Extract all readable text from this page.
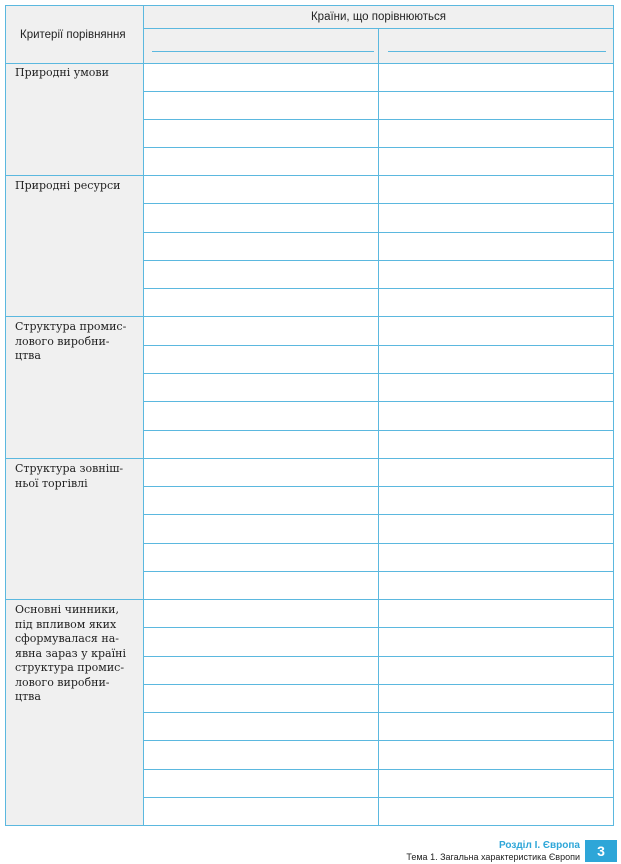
Критерії порівняння
Країни, що порівнюються
Природні умови
Природні ресурси
Структура промис-
лового виробни-
цтва
Структура зовніш-
ньої торгівлі
Основні чинники,
під впливом яких
сформувалася на-
явна зараз у країні
структура промис-
лового виробни-
цтва
Розділ І. Європа
Тема 1. Загальна характеристика Європи	3
